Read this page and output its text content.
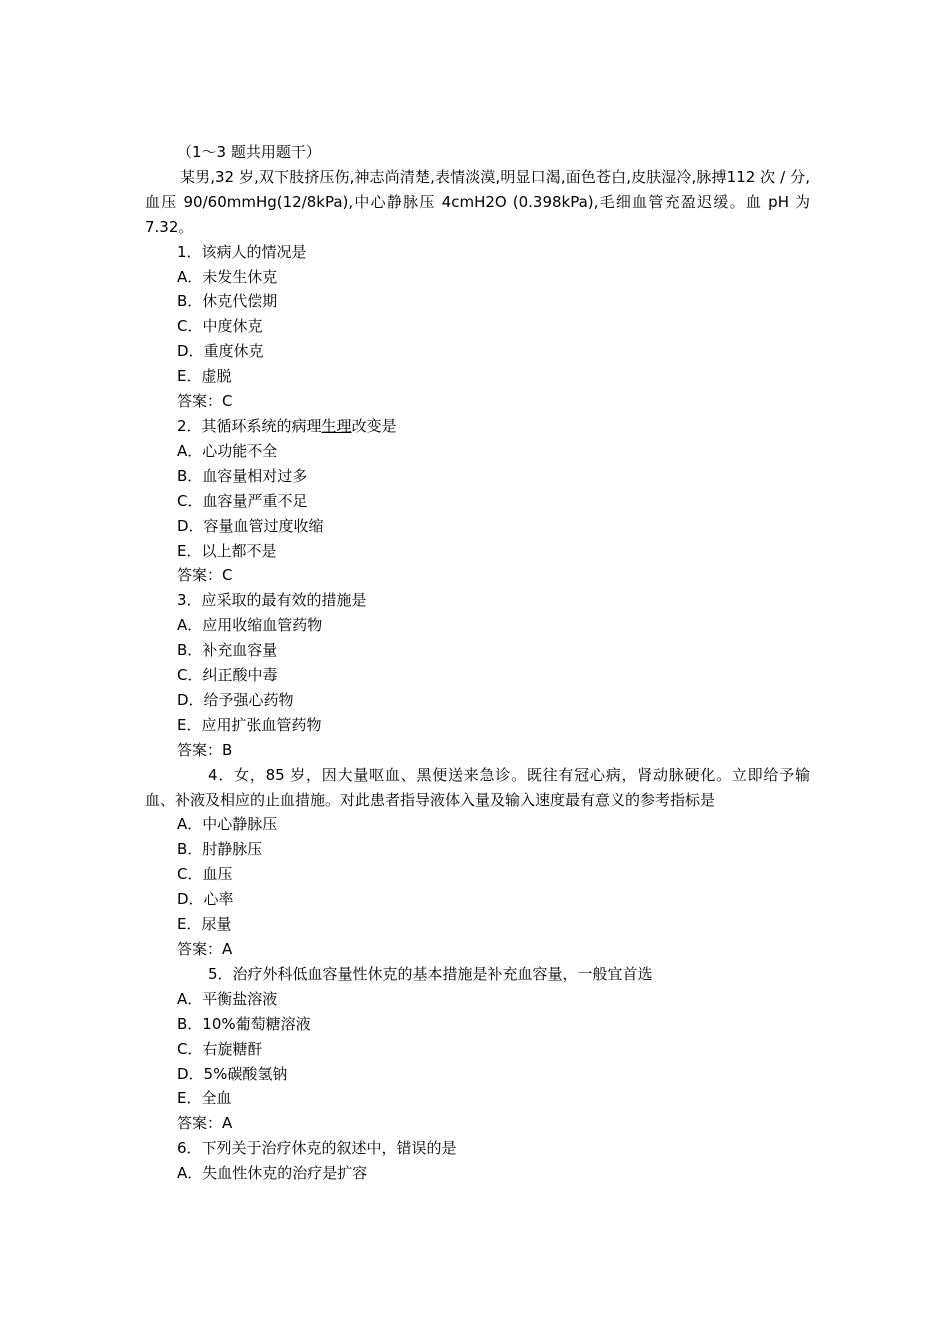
（1～3 题共用题干）
某男,32 岁,双下肢挤压伤,神志尚清楚,表情淡漠,明显口渴,面色苍白,皮肤湿冷,脉搏112 次 / 分,血压 90/60mmHg(12/8kPa),中心静脉压 4cmH2O (0.398kPa),毛细血管充盈迟缓。血 pH 为 7.32。
1．该病人的情况是
A．未发生休克
B．休克代偿期
C．中度休克
D．重度休克
E．虚脱
答案：C
2．其循环系统的病理生理改变是
A．心功能不全
B．血容量相对过多
C．血容量严重不足
D．容量血管过度收缩
E．以上都不是
答案：C
3．应采取的最有效的措施是
A．应用收缩血管药物
B．补充血容量
C．纠正酸中毒
D．给予强心药物
E．应用扩张血管药物
答案：B
4．女，85 岁，因大量呕血、黑便送来急诊。既往有冠心病，肾动脉硬化。立即给予输血、补液及相应的止血措施。对此患者指导液体入量及输入速度最有意义的参考指标是
A．中心静脉压
B．肘静脉压
C．血压
D．心率
E．尿量
答案：A
5．治疗外科低血容量性休克的基本措施是补充血容量，一般宜首选
A．平衡盐溶液
B．10%葡萄糖溶液
C．右旋糖酐
D．5%碳酸氢钠
E．全血
答案：A
6．下列关于治疗休克的叙述中，错误的是
A．失血性休克的治疗是扩容
